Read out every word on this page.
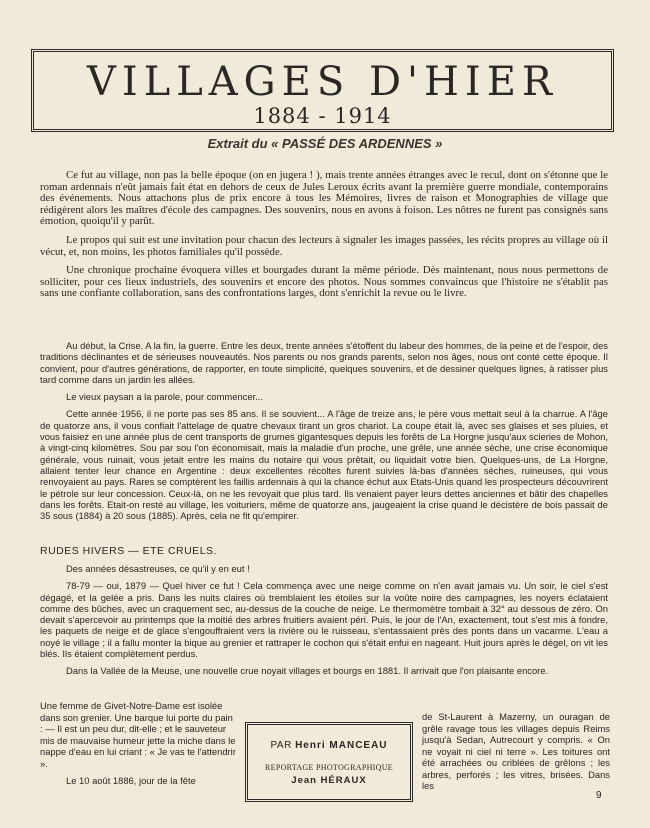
VILLAGES D'HIER
1884 - 1914
Extrait du « PASSÉ DES ARDENNES »

Ce fut au village, non pas la belle époque (on en jugera ! ), mais trente années étranges avec le recul, dont on s'étonne que le roman ardennais n'eût jamais fait état en dehors de ceux de Jules Leroux écrits avant la première guerre mondiale, contemporains des événements. Nous attachons plus de prix encore à tous les Mémoires, livres de raison et Monographies de village que rédigèrent alors les maîtres d'école des campagnes. Des souvenirs, nous en avons à foison. Les nôtres ne furent pas consignés sans émotion, quoiqu'il y parût.

Le propos qui suit est une invitation pour chacun des lecteurs à signaler les images passées, les récits propres au village où il vécut, et, non moins, les photos familiales qu'il possède.

Une chronique prochaine évoquera villes et bourgades durant la même période. Dès maintenant, nous nous permettons de solliciter, pour ces lieux industriels, des souvenirs et encore des photos. Nous sommes convaincus que l'histoire ne s'établit pas sans une confiante collaboration, sans des confrontations larges, dont s'enrichit la revue ou le livre.

Au début, la Crise. A la fin, la guerre. Entre les deux, trente années s'étoffent du labeur des hommes, de la peine et de l'espoir, des traditions déclinantes et de sérieuses nouveautés. Nos parents ou nos grands parents, selon nos âges, nous ont conté cette époque. Il convient, pour d'autres générations, de rapporter, en toute simplicité, quelques souvenirs, et de dessiner quelques lignes, à ratisser plus tard comme dans un jardin les allées.

Le vieux paysan a la parole, pour commencer...

Cette année 1956, il ne porte pas ses 85 ans. Il se souvient... A l'âge de treize ans, le père vous mettait seul à la charrue. A l'âge de quatorze ans, il vous confiait l'attelage de quatre chevaux tirant un gros chariot. La coupe était là, avec ses glaises et ses pluies, et vous faisiez en une année plus de cent transports de grumes gigantesques depuis les forêts de La Horgne jusqu'aux scieries de Mohon, à vingt-cinq kilomètres. Sou par sou l'on économisait, mais la maladie d'un proche, une grêle, une année sèche, une crise économique générale, vous ruinait, vous jetait entre les mains du notaire qui vous prêtait, ou liquidait votre bien. Quelques-uns, de La Horgne, allaient tenter leur chance en Argentine : deux excellentes récoltes furent suivies là-bas d'années sèches, ruineuses, qui vous renvoyaient au pays. Rares se comptèrent les faillis ardennais à qui la chance échut aux Etats-Unis quand les prospecteurs découvrirent le pétrole sur leur concession. Ceux-là, on ne les revoyait que plus tard. Ils venaient payer leurs dettes anciennes et bâtir des chapelles dans les forêts. Etait-on resté au village, les voituriers, même de quatorze ans, jaugeaient la crise quand le décistère de bois passait de 35 sous (1884) à 20 sous (1885). Après, cela ne fit qu'empirer.

RUDES HIVERS — ETE CRUELS.

Des années désastreuses, ce qu'il y en eut !

78-79 — oui, 1879 — Quel hiver ce fut ! Cela commença avec une neige comme on n'en avait jamais vu. Un soir, le ciel s'est dégagé, et la gelée a pris. Dans les nuits claires où tremblaient les étoiles sur la voûte noire des campagnes, les noyers éclataient comme des bûches, avec un craquement sec, au-dessus de la couche de neige. Le thermomètre tombait à 32° au dessous de zéro. On devait s'apercevoir au printemps que la moitié des arbres fruitiers avaient péri. Puis, le jour de l'An, exactement, tout s'est mis à fondre, les paquets de neige et de glace s'engouffraient vers la rivière ou le ruisseau, s'entassaient près des ponts dans un vacarme. L'eau a noyé le village ; il a fallu monter la bique au grenier et rattraper le cochon qui s'était enfui en nageant. Huit jours après le dégel, on vit les blés. Ils étaient complètement perdus.

Dans la Vallée de la Meuse, une nouvelle crue noyait villages et bourgs en 1881. Il arrivait que l'on plaisante encore.

Une femme de Givet-Notre-Dame est isolée dans son grenier. Une barque lui porte du pain : — Il est un peu dur, dit-elle ; et le sauveteur mis de mauvaise humeur jette la miche dans le nappe d'eau en lui criant : « Je vas te l'attendrir ».

Le 10 août 1886, jour de la fête

PAR Henri MANCEAU
REPORTAGE PHOTOGRAPHIQUE
Jean HÉRAUX

de St-Laurent à Mazerny, un ouragan de grêle ravage tous les villages depuis Reims jusqu'à Sedan, Autrecourt y compris. « On ne voyait ni ciel ni terre ». Les toitures ont été arrachées ou criblées de grêlons ; les arbres, perforés ; les vitres, brisées. Dans les

9
